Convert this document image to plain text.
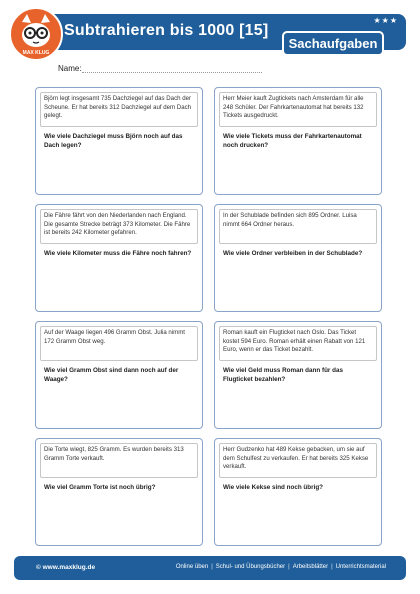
MAX KLUG
Subtrahieren bis 1000 [15]
★★★
Sachaufgaben
Name:
Björn legt insgesamt 735 Dachziegel auf das Dach der Scheune. Er hat bereits 312 Dachziegel auf dem Dach gelegt.
Wie viele Dachziegel muss Björn noch auf das Dach legen?
Herr Meier kauft Zugtickets nach Amsterdam für alle 248 Schüler. Der Fahrkartenautomat hat bereits 132 Tickets ausgedruckt.
Wie viele Tickets muss der Fahrkartenautomat noch drucken?
Die Fähre fährt von den Niederlanden nach England. Die gesamte Strecke beträgt 373 Kilometer. Die Fähre ist bereits 242 Kilometer gefahren.
Wie viele Kilometer muss die Fähre noch fahren?
In der Schublade befinden sich 895 Ordner. Luisa nimmt 664 Ordner heraus.
Wie viele Ordner verbleiben in der Schublade?
Auf der Waage liegen 496 Gramm Obst. Julia nimmt 172 Gramm Obst weg.
Wie viel Gramm Obst sind dann noch auf der Waage?
Roman kauft ein Flugticket nach Oslo. Das Ticket kostet 594 Euro. Roman erhält einen Rabatt von 121 Euro, wenn er das Ticket bezahlt.
Wie viel Geld muss Roman dann für das Flugticket bezahlen?
Die Torte wiegt, 825 Gramm. Es wurden bereits 313 Gramm Torte verkauft.
Wie viel Gramm Torte ist noch übrig?
Herr Gudzenko hat 489 Kekse gebacken, um sie auf dem Schulfest zu verkaufen. Er hat bereits 325 Kekse verkauft.
Wie viele Kekse sind noch übrig?
© www.maxklug.de	Online üben | Schul- und Übungsbücher | Arbeitsblätter | Unterrichtsmaterial
